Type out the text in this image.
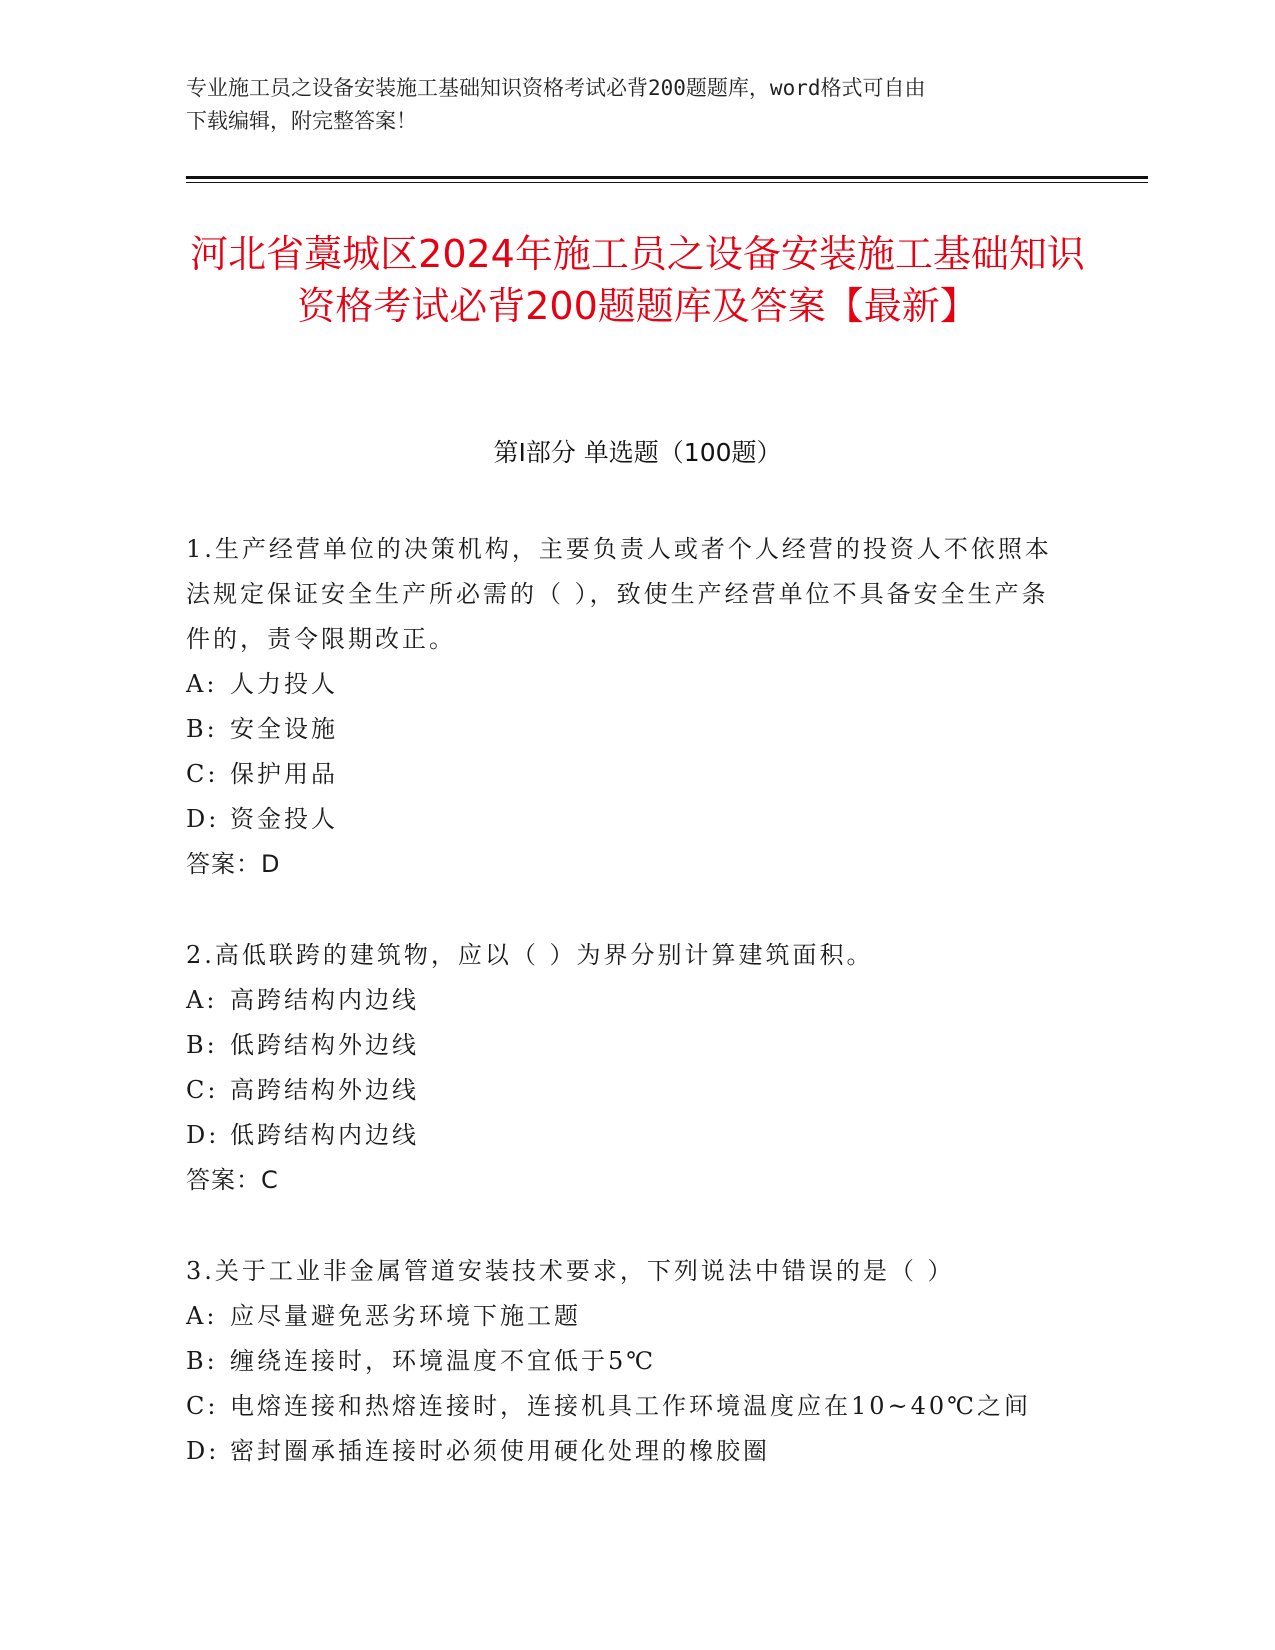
专业施工员之设备安装施工基础知识资格考试必背200题题库，word格式可自由
下载编辑，附完整答案！
河北省藁城区2024年施工员之设备安装施工基础知识资格考试必背200题题库及答案【最新】
第I部分 单选题（100题）
1.生产经营单位的决策机构，主要负责人或者个人经营的投资人不依照本法规定保证安全生产所必需的（ ），致使生产经营单位不具备安全生产条件的，责令限期改正。
A: 人力投人
B: 安全设施
C: 保护用品
D: 资金投人
答案：D
2.高低联跨的建筑物，应以（ ）为界分别计算建筑面积。
A: 高跨结构内边线
B: 低跨结构外边线
C: 高跨结构外边线
D: 低跨结构内边线
答案：C
3.关于工业非金属管道安装技术要求，下列说法中错误的是（ ）
A: 应尽量避免恶劣环境下施工题
B: 缠绕连接时，环境温度不宜低于5℃
C: 电熔连接和热熔连接时，连接机具工作环境温度应在10~40℃之间
D: 密封圈承插连接时必须使用硬化处理的橡胶圈
